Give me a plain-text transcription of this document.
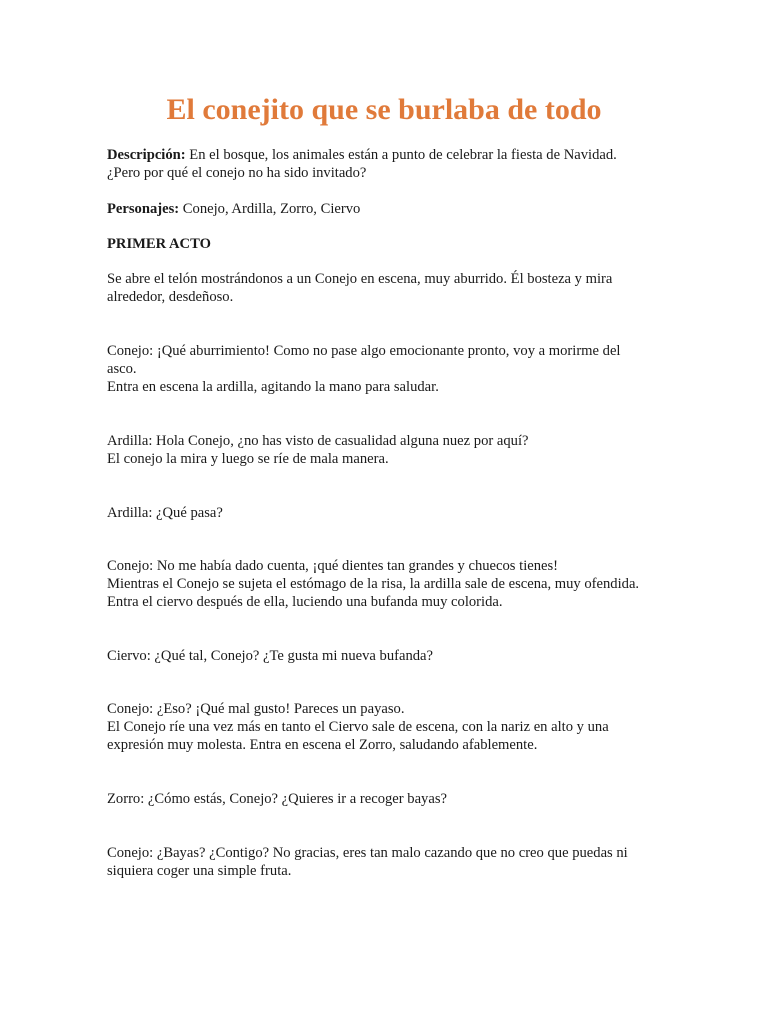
El conejito que se burlaba de todo

Descripción: En el bosque, los animales están a punto de celebrar la fiesta de Navidad.

¿Pero por qué el conejo no ha sido invitado?

Personajes: Conejo, Ardilla, Zorro, Ciervo

PRIMER ACTO

Se abre el telón mostrándonos a un Conejo en escena, muy aburrido. Él bosteza y mira

alrededor, desdeñoso.

Conejo: ¡Qué aburrimiento! Como no pase algo emocionante pronto, voy a morirme del

asco.

Entra en escena la ardilla, agitando la mano para saludar.

Ardilla: Hola Conejo, ¿no has visto de casualidad alguna nuez por aquí?

El conejo la mira y luego se ríe de mala manera.

Ardilla: ¿Qué pasa?

Conejo: No me había dado cuenta, ¡qué dientes tan grandes y chuecos tienes!

Mientras el Conejo se sujeta el estómago de la risa, la ardilla sale de escena, muy ofendida.

Entra el ciervo después de ella, luciendo una bufanda muy colorida.

Ciervo: ¿Qué tal, Conejo? ¿Te gusta mi nueva bufanda?

Conejo: ¿Eso? ¡Qué mal gusto! Pareces un payaso.

El Conejo ríe una vez más en tanto el Ciervo sale de escena, con la nariz en alto y una

expresión muy molesta. Entra en escena el Zorro, saludando afablemente.

Zorro: ¿Cómo estás, Conejo? ¿Quieres ir a recoger bayas?

Conejo: ¿Bayas? ¿Contigo? No gracias, eres tan malo cazando que no creo que puedas ni

siquiera coger una simple fruta.
